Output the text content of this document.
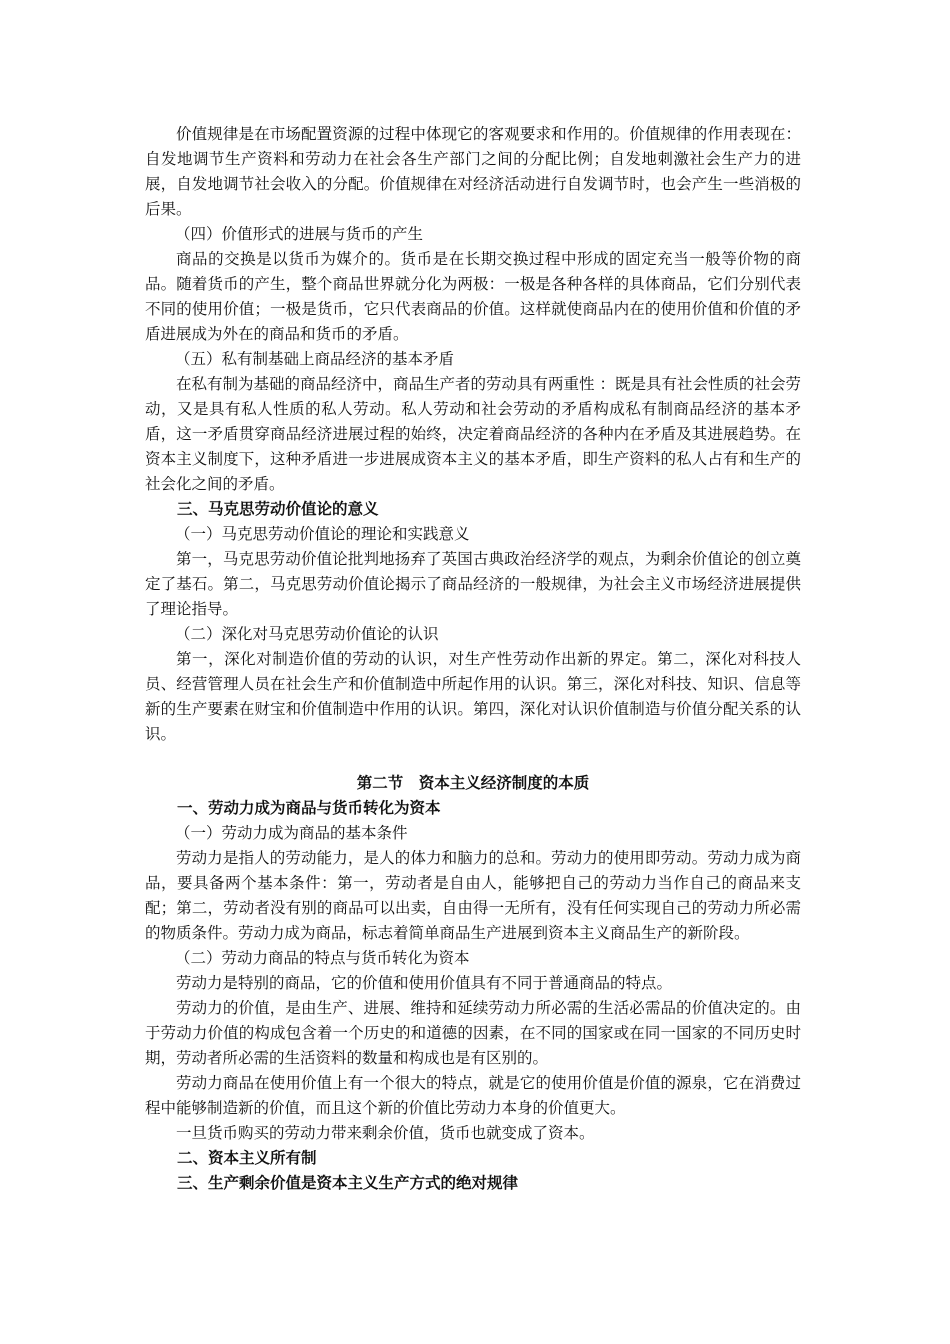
价值规律是在市场配置资源的过程中体现它的客观要求和作用的。价值规律的作用表现在：自发地调节生产资料和劳动力在社会各生产部门之间的分配比例；自发地刺激社会生产力的进展，自发地调节社会收入的分配。价值规律在对经济活动进行自发调节时，也会产生一些消极的后果。

（四）价值形式的进展与货币的产生

商品的交换是以货币为媒介的。货币是在长期交换过程中形成的固定充当一般等价物的商品。随着货币的产生，整个商品世界就分化为两极：一极是各种各样的具体商品，它们分别代表不同的使用价值；一极是货币，它只代表商品的价值。这样就使商品内在的使用价值和价值的矛盾进展成为外在的商品和货币的矛盾。

（五）私有制基础上商品经济的基本矛盾

在私有制为基础的商品经济中，商品生产者的劳动具有两重性 ：既是具有社会性质的社会劳动，又是具有私人性质的私人劳动。私人劳动和社会劳动的矛盾构成私有制商品经济的基本矛盾，这一矛盾贯穿商品经济进展过程的始终，决定着商品经济的各种内在矛盾及其进展趋势。在资本主义制度下，这种矛盾进一步进展成资本主义的基本矛盾，即生产资料的私人占有和生产的社会化之间的矛盾。

三、马克思劳动价值论的意义

（一）马克思劳动价值论的理论和实践意义

第一，马克思劳动价值论批判地扬弃了英国古典政治经济学的观点，为剩余价值论的创立奠定了基石。第二，马克思劳动价值论揭示了商品经济的一般规律，为社会主义市场经济进展提供了理论指导。

（二）深化对马克思劳动价值论的认识

第一，深化对制造价值的劳动的认识，对生产性劳动作出新的界定。第二，深化对科技人员、经营管理人员在社会生产和价值制造中所起作用的认识。第三，深化对科技、知识、信息等新的生产要素在财宝和价值制造中作用的认识。第四，深化对认识价值制造与价值分配关系的认识。

第二节　资本主义经济制度的本质

一、劳动力成为商品与货币转化为资本

（一）劳动力成为商品的基本条件

劳动力是指人的劳动能力，是人的体力和脑力的总和。劳动力的使用即劳动。劳动力成为商品，要具备两个基本条件：第一，劳动者是自由人，能够把自己的劳动力当作自己的商品来支配；第二，劳动者没有别的商品可以出卖，自由得一无所有，没有任何实现自己的劳动力所必需的物质条件。劳动力成为商品，标志着简单商品生产进展到资本主义商品生产的新阶段。

（二）劳动力商品的特点与货币转化为资本

劳动力是特别的商品，它的价值和使用价值具有不同于普通商品的特点。

劳动力的价值，是由生产、进展、维持和延续劳动力所必需的生活必需品的价值决定的。由于劳动力价值的构成包含着一个历史的和道德的因素，在不同的国家或在同一国家的不同历史时期，劳动者所必需的生活资料的数量和构成也是有区别的。

劳动力商品在使用价值上有一个很大的特点，就是它的使用价值是价值的源泉，它在消费过程中能够制造新的价值，而且这个新的价值比劳动力本身的价值更大。

一旦货币购买的劳动力带来剩余价值，货币也就变成了资本。

二、资本主义所有制

三、生产剩余价值是资本主义生产方式的绝对规律
